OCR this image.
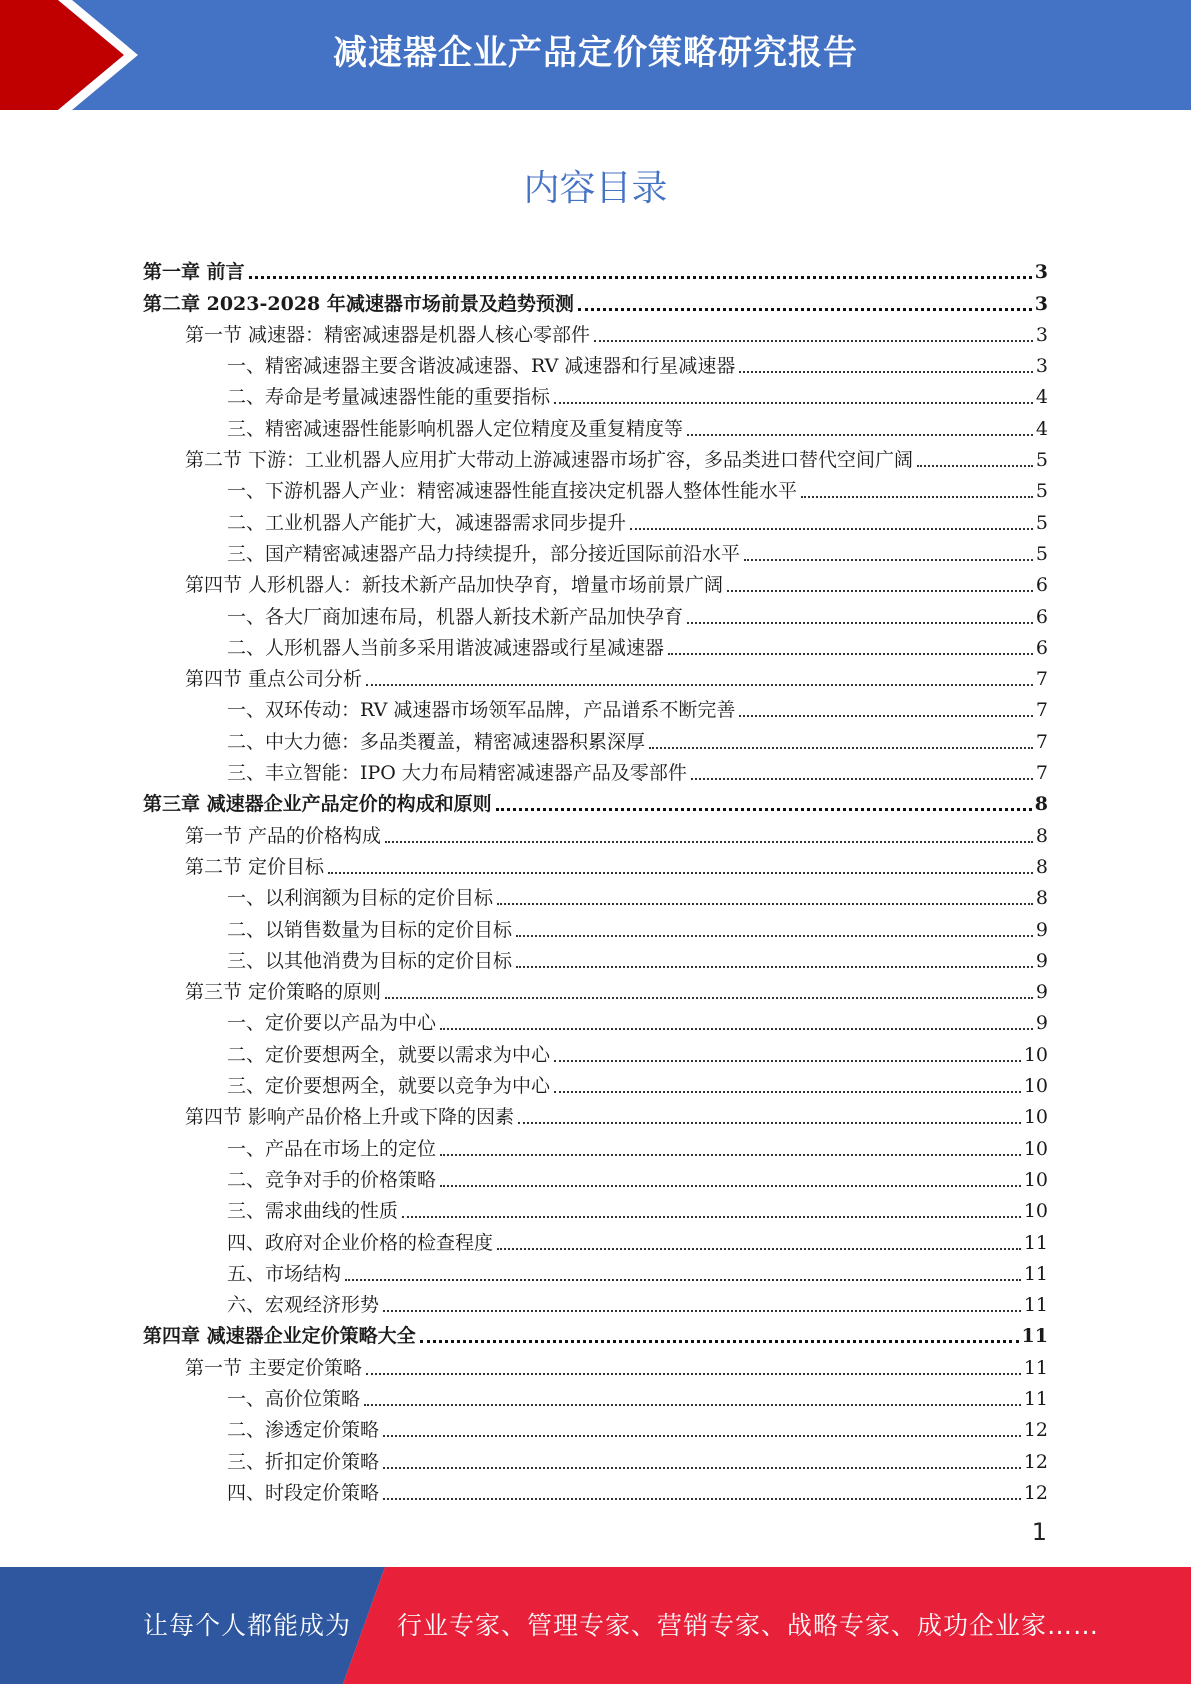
减速器企业产品定价策略研究报告
内容目录
第一章 前言	3
第二章 2023-2028 年减速器市场前景及趋势预测	3
第一节 减速器：精密减速器是机器人核心零部件	3
一、精密减速器主要含谐波减速器、RV 减速器和行星减速器	3
二、寿命是考量减速器性能的重要指标	4
三、精密减速器性能影响机器人定位精度及重复精度等	4
第二节 下游：工业机器人应用扩大带动上游减速器市场扩容，多品类进口替代空间广阔	5
一、下游机器人产业：精密减速器性能直接决定机器人整体性能水平	5
二、工业机器人产能扩大，减速器需求同步提升	5
三、国产精密减速器产品力持续提升，部分接近国际前沿水平	5
第四节 人形机器人：新技术新产品加快孕育，增量市场前景广阔	6
一、各大厂商加速布局，机器人新技术新产品加快孕育	6
二、人形机器人当前多采用谐波减速器或行星减速器	6
第四节 重点公司分析	7
一、双环传动：RV 减速器市场领军品牌，产品谱系不断完善	7
二、中大力德：多品类覆盖，精密减速器积累深厚	7
三、丰立智能：IPO 大力布局精密减速器产品及零部件	7
第三章 减速器企业产品定价的构成和原则	8
第一节 产品的价格构成	8
第二节 定价目标	8
一、以利润额为目标的定价目标	8
二、以销售数量为目标的定价目标	9
三、以其他消费为目标的定价目标	9
第三节 定价策略的原则	9
一、定价要以产品为中心	9
二、定价要想两全，就要以需求为中心	10
三、定价要想两全，就要以竞争为中心	10
第四节 影响产品价格上升或下降的因素	10
一、产品在市场上的定位	10
二、竞争对手的价格策略	10
三、需求曲线的性质	10
四、政府对企业价格的检查程度	11
五、市场结构	11
六、宏观经济形势	11
第四章 减速器企业定价策略大全	11
第一节 主要定价策略	11
一、高价位策略	11
二、渗透定价策略	12
三、折扣定价策略	12
四、时段定价策略	12
1
让每个人都能成为 行业专家、管理专家、营销专家、战略专家、成功企业家……
